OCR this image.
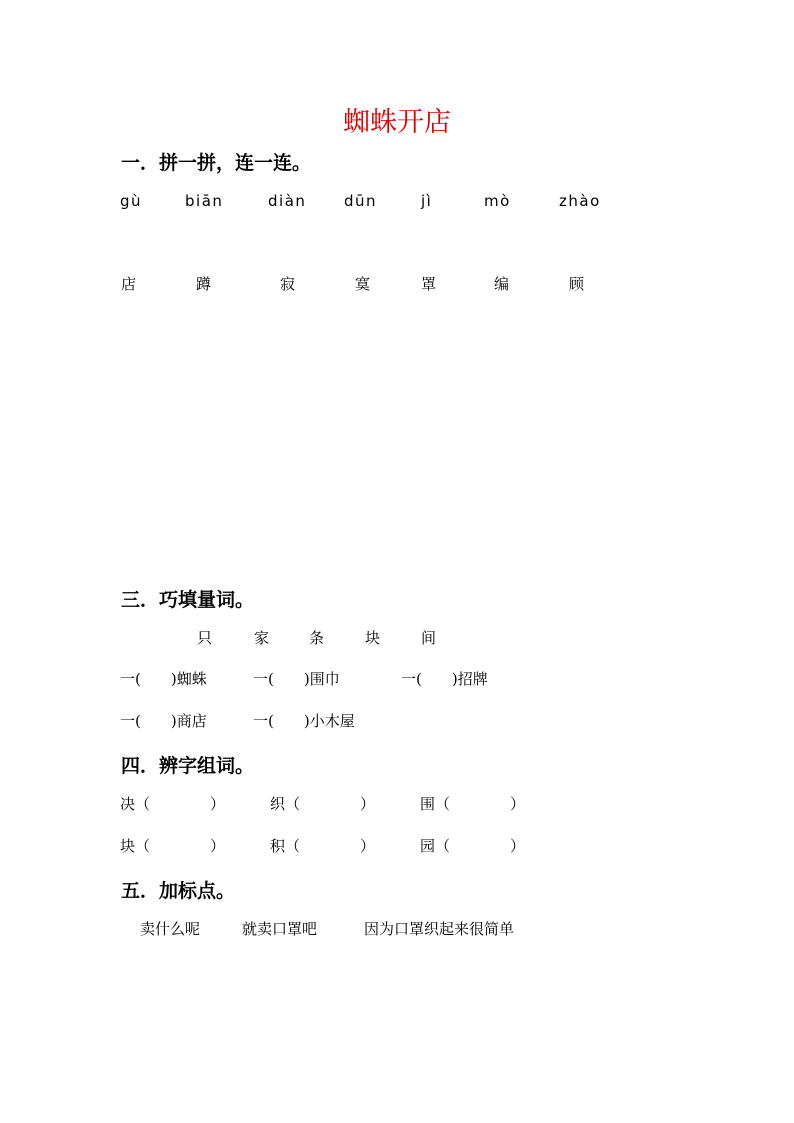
蜘蛛开店
一．拼一拼，连一连。
gù	biān	diàn	dūn	jì	mò	zhào
店	蹲	寂	寞	罩	编	顾
三．巧填量词。
只	家	条	块	间
一(　　)蜘蛛	一(　　)围巾	一(　　)招牌
一(　　)商店	一(　　)小木屋
四．辨字组词。
决（　　　　）	织（　　　　）	围（　　　　）
块（　　　　）	积（　　　　）	园（　　　　）
五．加标点。
卖什么呢	就卖口罩吧	因为口罩织起来很简单
